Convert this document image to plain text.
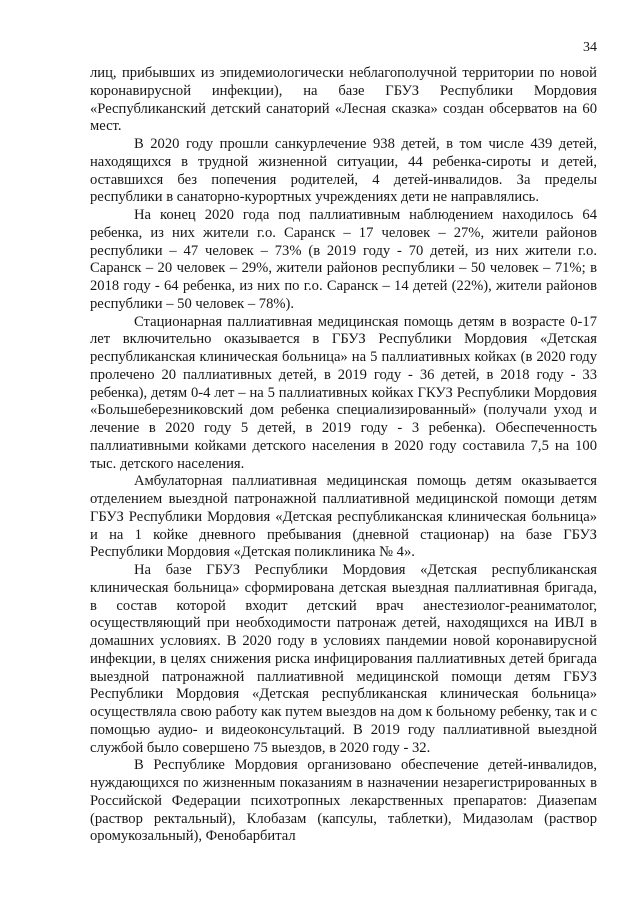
34

лиц, прибывших из эпидемиологически неблагополучной территории по новой коронавирусной инфекции), на базе ГБУЗ Республики Мордовия «Республиканский детский санаторий «Лесная сказка» создан обсерватов на 60 мест.

В 2020 году прошли санкурлечение 938 детей, в том числе 439 детей, находящихся в трудной жизненной ситуации, 44 ребенка-сироты и детей, оставшихся без попечения родителей, 4 детей-инвалидов. За пределы республики в санаторно-курортных учреждениях дети не направлялись.

На конец 2020 года под паллиативным наблюдением находилось 64 ребенка, из них жители г.о. Саранск – 17 человек – 27%, жители районов республики – 47 человек – 73% (в 2019 году - 70 детей, из них жители г.о. Саранск – 20 человек – 29%, жители районов республики – 50 человек – 71%; в 2018 году - 64 ребенка, из них по г.о. Саранск – 14 детей (22%), жители районов республики – 50 человек – 78%).

Стационарная паллиативная медицинская помощь детям в возрасте 0-17 лет включительно оказывается в ГБУЗ Республики Мордовия «Детская республиканская клиническая больница» на 5 паллиативных койках (в 2020 году пролечено 20 паллиативных детей, в 2019 году - 36 детей, в 2018 году - 33 ребенка), детям 0-4 лет – на 5 паллиативных койках ГКУЗ Республики Мордовия «Большеберезниковский дом ребенка специализированный» (получали уход и лечение в 2020 году 5 детей, в 2019 году - 3 ребенка). Обеспеченность паллиативными койками детского населения в 2020 году составила 7,5 на 100 тыс. детского населения.

Амбулаторная паллиативная медицинская помощь детям оказывается отделением выездной патронажной паллиативной медицинской помощи детям ГБУЗ Республики Мордовия «Детская республиканская клиническая больница» и на 1 койке дневного пребывания (дневной стационар) на базе ГБУЗ Республики Мордовия «Детская поликлиника № 4».

На базе ГБУЗ Республики Мордовия «Детская республиканская клиническая больница» сформирована детская выездная паллиативная бригада, в состав которой входит детский врач анестезиолог-реаниматолог, осуществляющий при необходимости патронаж детей, находящихся на ИВЛ в домашних условиях. В 2020 году в условиях пандемии новой коронавирусной инфекции, в целях снижения риска инфицирования паллиативных детей бригада выездной патронажной паллиативной медицинской помощи детям ГБУЗ Республики Мордовия «Детская республиканская клиническая больница» осуществляла свою работу как путем выездов на дом к больному ребенку, так и с помощью аудио- и видеоконсультаций. В 2019 году паллиативной выездной службой было совершено 75 выездов, в 2020 году - 32.

В Республике Мордовия организовано обеспечение детей-инвалидов, нуждающихся по жизненным показаниям в назначении незарегистрированных в Российской Федерации психотропных лекарственных препаратов: Диазепам (раствор ректальный), Клобазам (капсулы, таблетки), Мидазолам (раствор оромукозальный), Фенобарбитал
